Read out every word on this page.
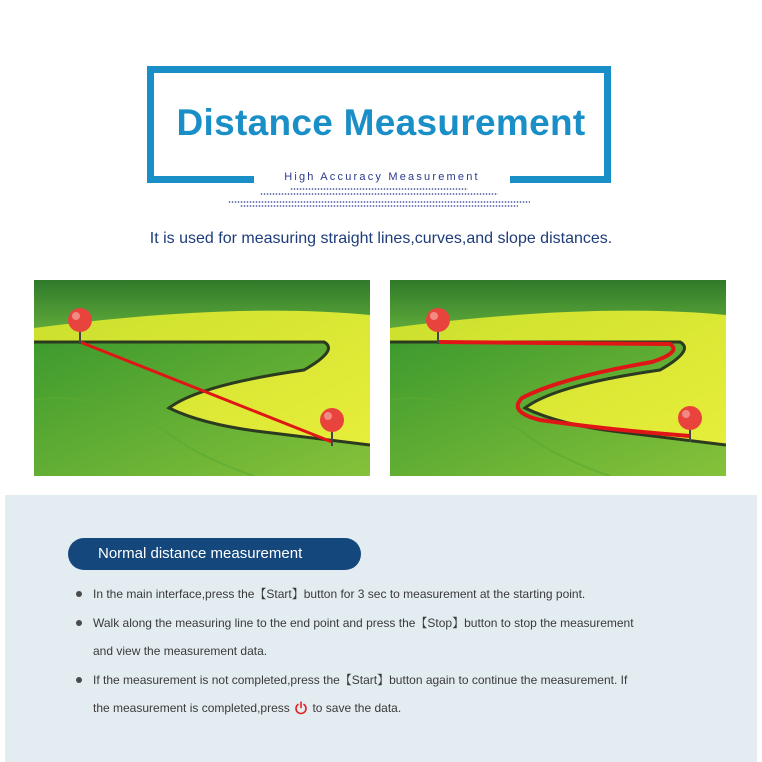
Distance Measurement
High Accuracy Measurement
It is used for measuring straight lines,curves,and slope distances.
Normal distance measurement
In the main interface,press the【Start】button for 3 sec to measurement at the starting point.
Walk along the measuring line to the end point and press the【Stop】button to stop the measurement
and view the measurement data.
If the measurement is not completed,press the【Start】button again to continue the measurement. If
the measurement is completed,press to save the data.
